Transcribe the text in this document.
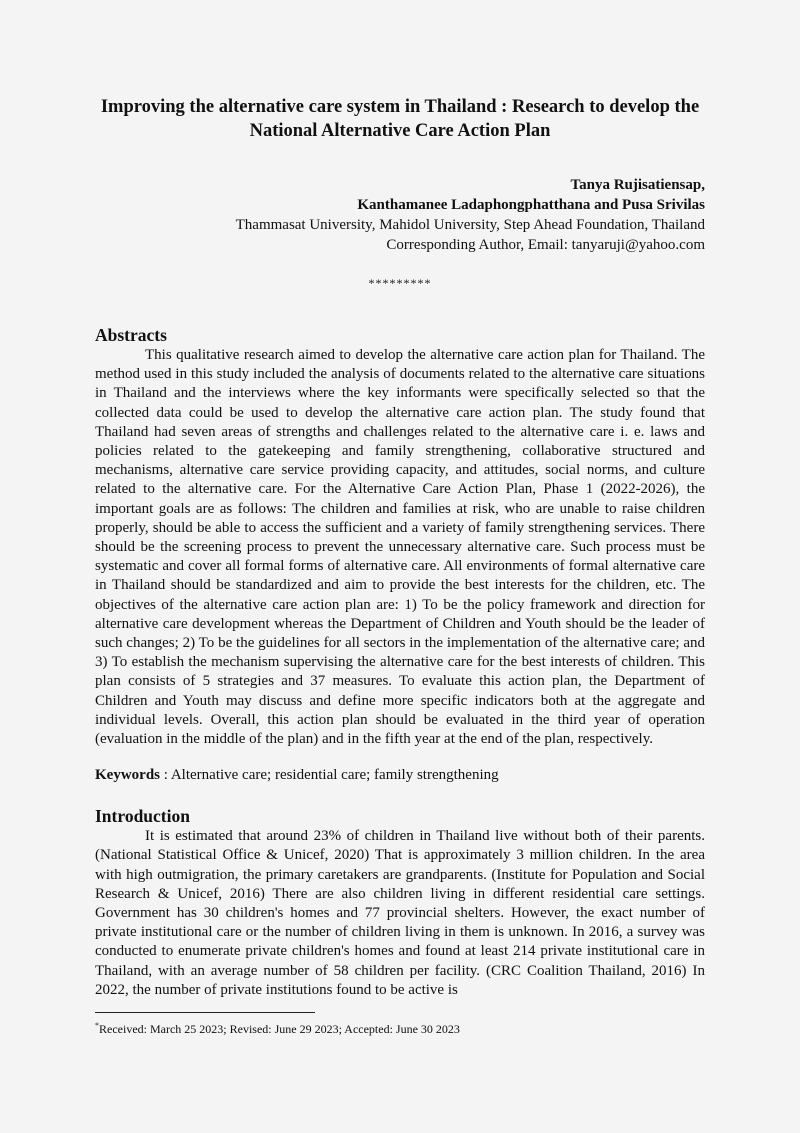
Improving the alternative care system in Thailand : Research to develop the National Alternative Care Action Plan
Tanya Rujisatiensap,
Kanthamanee Ladaphongphatthana and Pusa Srivilas
Thammasat University, Mahidol University, Step Ahead Foundation, Thailand
Corresponding Author, Email: tanyaruji@yahoo.com
*********
Abstracts

This qualitative research aimed to develop the alternative care action plan for Thailand. The method used in this study included the analysis of documents related to the alternative care situations in Thailand and the interviews where the key informants were specifically selected so that the collected data could be used to develop the alternative care action plan. The study found that Thailand had seven areas of strengths and challenges related to the alternative care i. e. laws and policies related to the gatekeeping and family strengthening, collaborative structured and mechanisms, alternative care service providing capacity, and attitudes, social norms, and culture related to the alternative care. For the Alternative Care Action Plan, Phase 1 (2022-2026), the important goals are as follows: The children and families at risk, who are unable to raise children properly, should be able to access the sufficient and a variety of family strengthening services. There should be the screening process to prevent the unnecessary alternative care. Such process must be systematic and cover all formal forms of alternative care. All environments of formal alternative care in Thailand should be standardized and aim to provide the best interests for the children, etc. The objectives of the alternative care action plan are: 1) To be the policy framework and direction for alternative care development whereas the Department of Children and Youth should be the leader of such changes; 2) To be the guidelines for all sectors in the implementation of the alternative care; and 3) To establish the mechanism supervising the alternative care for the best interests of children. This plan consists of 5 strategies and 37 measures. To evaluate this action plan, the Department of Children and Youth may discuss and define more specific indicators both at the aggregate and individual levels. Overall, this action plan should be evaluated in the third year of operation (evaluation in the middle of the plan) and in the fifth year at the end of the plan, respectively.

Keywords : Alternative care; residential care; family strengthening
Introduction

It is estimated that around 23% of children in Thailand live without both of their parents. (National Statistical Office & Unicef, 2020) That is approximately 3 million children. In the area with high outmigration, the primary caretakers are grandparents. (Institute for Population and Social Research & Unicef, 2016) There are also children living in different residential care settings. Government has 30 children's homes and 77 provincial shelters. However, the exact number of private institutional care or the number of children living in them is unknown. In 2016, a survey was conducted to enumerate private children's homes and found at least 214 private institutional care in Thailand, with an average number of 58 children per facility. (CRC Coalition Thailand, 2016) In 2022, the number of private institutions found to be active is

*Received: March 25 2023; Revised: June 29 2023; Accepted: June 30 2023
